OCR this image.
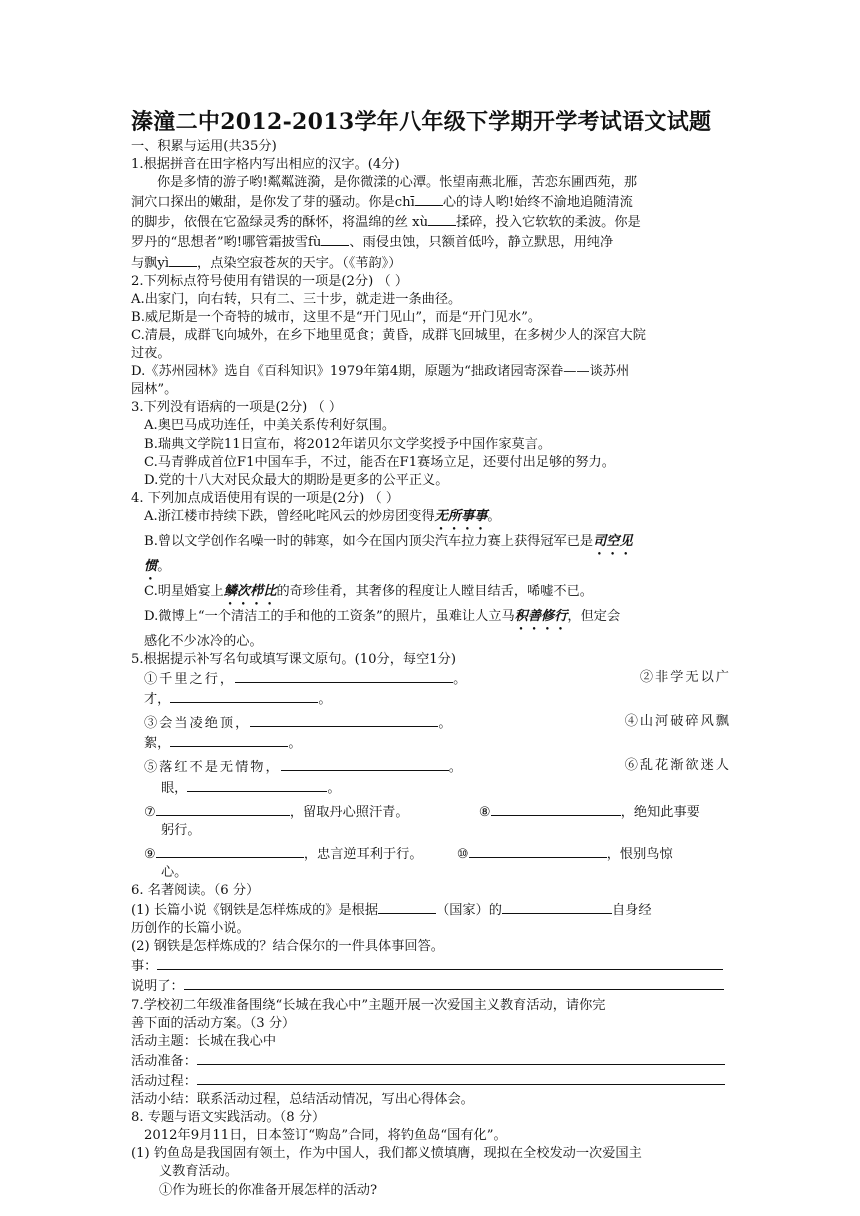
溱潼二中2012-2013学年八年级下学期开学考试语文试题
一、积累与运用(共35分)
1.根据拼音在田字格内写出相应的汉字。(4分)
你是多情的游子哟!粼粼涟漪，是你微漾的心潭。怅望南燕北雁，苦恋东圃西苑，那
洞穴口探出的嫩甜，是你发了芽的骚动。你是chī 心的诗人哟!始终不渝地追随清流
的脚步，依偎在它盈绿灵秀的酥怀，将温绵的丝 xù 揉碎，投入它软软的柔波。你是
罗丹的“思想者”哟!哪管霜披雪fù 、雨侵虫蚀，只额首低吟，静立默思，用纯净
与飘yì ，点染空寂苍灰的天宇。（《苇韵》）
2.下列标点符号使用有错误的一项是(2分) （ ）
A.出家门，向右转，只有二、三十步，就走进一条曲径。
B.威尼斯是一个奇特的城市，这里不是“开门见山”，而是“开门见水”。
C.清晨，成群飞向城外，在乡下地里觅食；黄昏，成群飞回城里，在多树少人的深宫大院
过夜。
D.《苏州园林》选自《百科知识》1979年第4期，原题为“拙政诸园寄深眷——谈苏州
园林”。
3.下列没有语病的一项是(2分) （ ）
A.奥巴马成功连任，中美关系传利好氛围。
B.瑞典文学院11日宣布，将2012年诺贝尔文学奖授予中国作家莫言。
C.马青骅成首位F1中国车手，不过，能否在F1赛场立足，还要付出足够的努力。
D.党的十八大对民众最大的期盼是更多的公平正义。
4. 下列加点成语使用有误的一项是(2分) （ ）
A.浙江楼市持续下跌，曾经叱咤风云的炒房团变得无所事事。
B.曾以文学创作名噪一时的韩寒，如今在国内顶尖汽车拉力赛上获得冠军已是司空见
惯。
C.明星婚宴上鳞次栉比的奇珍佳肴，其奢侈的程度让人瞠目结舌，唏嘘不已。
D.微博上“一个清洁工的手和他的工资条”的照片，虽难让人立马积善修行，但定会
感化不少冰冷的心。
5.根据提示补写名句或填写课文原句。(10分，每空1分)
①千里之行，	。	②非学无以广
才，	。
③会当凌绝顶，	。	④山河破碎风飘
絮，	。
⑤落红不是无情物，	。	⑥乱花渐欲迷人
眼，	。
⑦	，留取丹心照汗青。	⑧	，绝知此事要
躬行。
⑨	，忠言逆耳利于行。	⑩	，恨别鸟惊
心。
6. 名著阅读。（6 分）
(1) 长篇小说《钢铁是怎样炼成的》是根据	（国家）的	自身经
历创作的长篇小说。
(2) 钢铁是怎样炼成的？结合保尔的一件具体事回答。
事：
说明了：
7.学校初二年级准备围绕“长城在我心中”主题开展一次爱国主义教育活动，请你完
善下面的活动方案。（3 分）
活动主题：长城在我心中
活动准备：
活动过程：
活动小结：联系活动过程，总结活动情况，写出心得体会。
8. 专题与语文实践活动。（8 分）
2012年9月11日，日本签订“购岛”合同，将钓鱼岛“国有化”。
(1) 钓鱼岛是我国固有领土，作为中国人，我们都义愤填膺，现拟在全校发动一次爱国主
义教育活动。
①作为班长的你准备开展怎样的活动?
